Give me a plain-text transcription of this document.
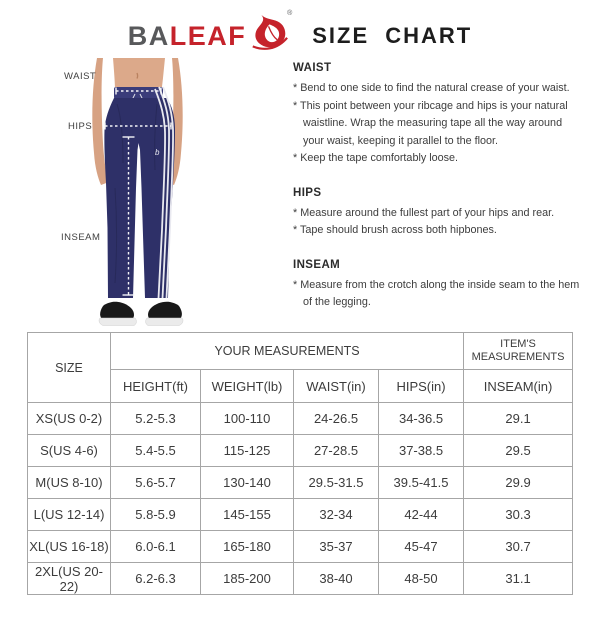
BALEAF
®
SIZE CHART
b
WAIST
HIPS
INSEAM

WAIST

* Bend to one side to find the natural crease of your waist.

* This point between your ribcage and hips is your natural waistline. Wrap the measuring tape all the way around your waist, keeping it parallel to the floor.

* Keep the tape comfortably loose.

HIPS

* Measure around the fullest part of your hips and rear.

* Tape should brush across both hipbones.

INSEAM

* Measure from the crotch along the inside seam to the hem of the legging.

SIZE	YOUR MEASUREMENTS				ITEM'S MEASUREMENTS
	HEIGHT(ft)	WEIGHT(lb)	WAIST(in)	HIPS(in)	INSEAM(in)
XS(US 0-2)	5.2-5.3	100-110	24-26.5	34-36.5	29.1
S(US 4-6)	5.4-5.5	115-125	27-28.5	37-38.5	29.5
M(US 8-10)	5.6-5.7	130-140	29.5-31.5	39.5-41.5	29.9
L(US 12-14)	5.8-5.9	145-155	32-34	42-44	30.3
XL(US 16-18)	6.0-6.1	165-180	35-37	45-47	30.7
2XL(US 20-22)	6.2-6.3	185-200	38-40	48-50	31.1
